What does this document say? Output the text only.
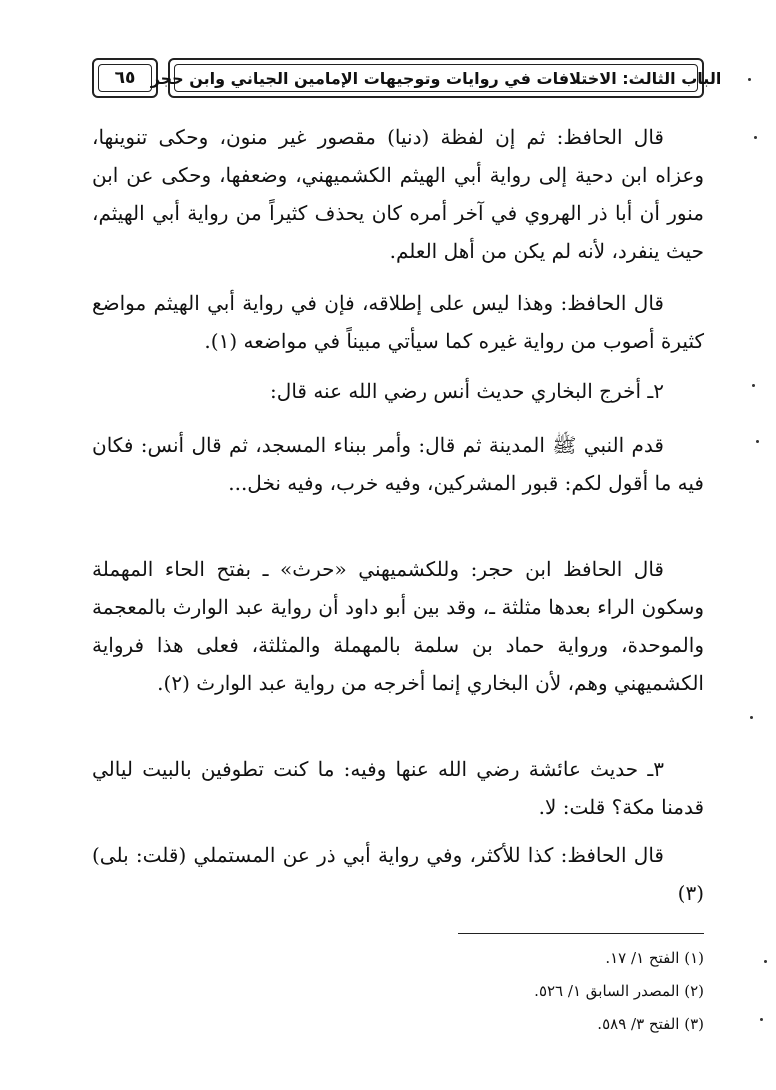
٦٥ الباب الثالث: الاختلافات في روايات وتوجيهات الإمامين الجياني وابن حجر

قال الحافظ: ثم إن لفظة (دنيا) مقصور غير منون، وحكى تنوينها، وعزاه ابن دحية إلى رواية أبي الهيثم الكشميهني، وضعفها، وحكى عن ابن منور أن أبا ذر الهروي في آخر أمره كان يحذف كثيراً من رواية أبي الهيثم، حيث ينفرد، لأنه لم يكن من أهل العلم.

قال الحافظ: وهذا ليس على إطلاقه، فإن في رواية أبي الهيثم مواضع كثيرة أصوب من رواية غيره كما سيأتي مبيناً في مواضعه (١).

٢ـ أخرج البخاري حديث أنس رضي الله عنه قال:

قدم النبي ﷺ المدينة ثم قال: وأمر ببناء المسجد، ثم قال أنس: فكان فيه ما أقول لكم: قبور المشركين، وفيه خرب، وفيه نخل...

قال الحافظ ابن حجر: وللكشميهني «حرث» ـ بفتح الحاء المهملة وسكون الراء بعدها مثلثة ـ، وقد بين أبو داود أن رواية عبد الوارث بالمعجمة والموحدة، ورواية حماد بن سلمة بالمهملة والمثلثة، فعلى هذا فرواية الكشميهني وهم، لأن البخاري إنما أخرجه من رواية عبد الوارث (٢).

٣ـ حديث عائشة رضي الله عنها وفيه: ما كنت تطوفين بالبيت ليالي قدمنا مكة؟ قلت: لا.

قال الحافظ: كذا للأكثر، وفي رواية أبي ذر عن المستملي (قلت: بلى)(٣)

(١) الفتح ١/ ١٧.
(٢) المصدر السابق ١/ ٥٢٦.
(٣) الفتح ٣/ ٥٨٩.
